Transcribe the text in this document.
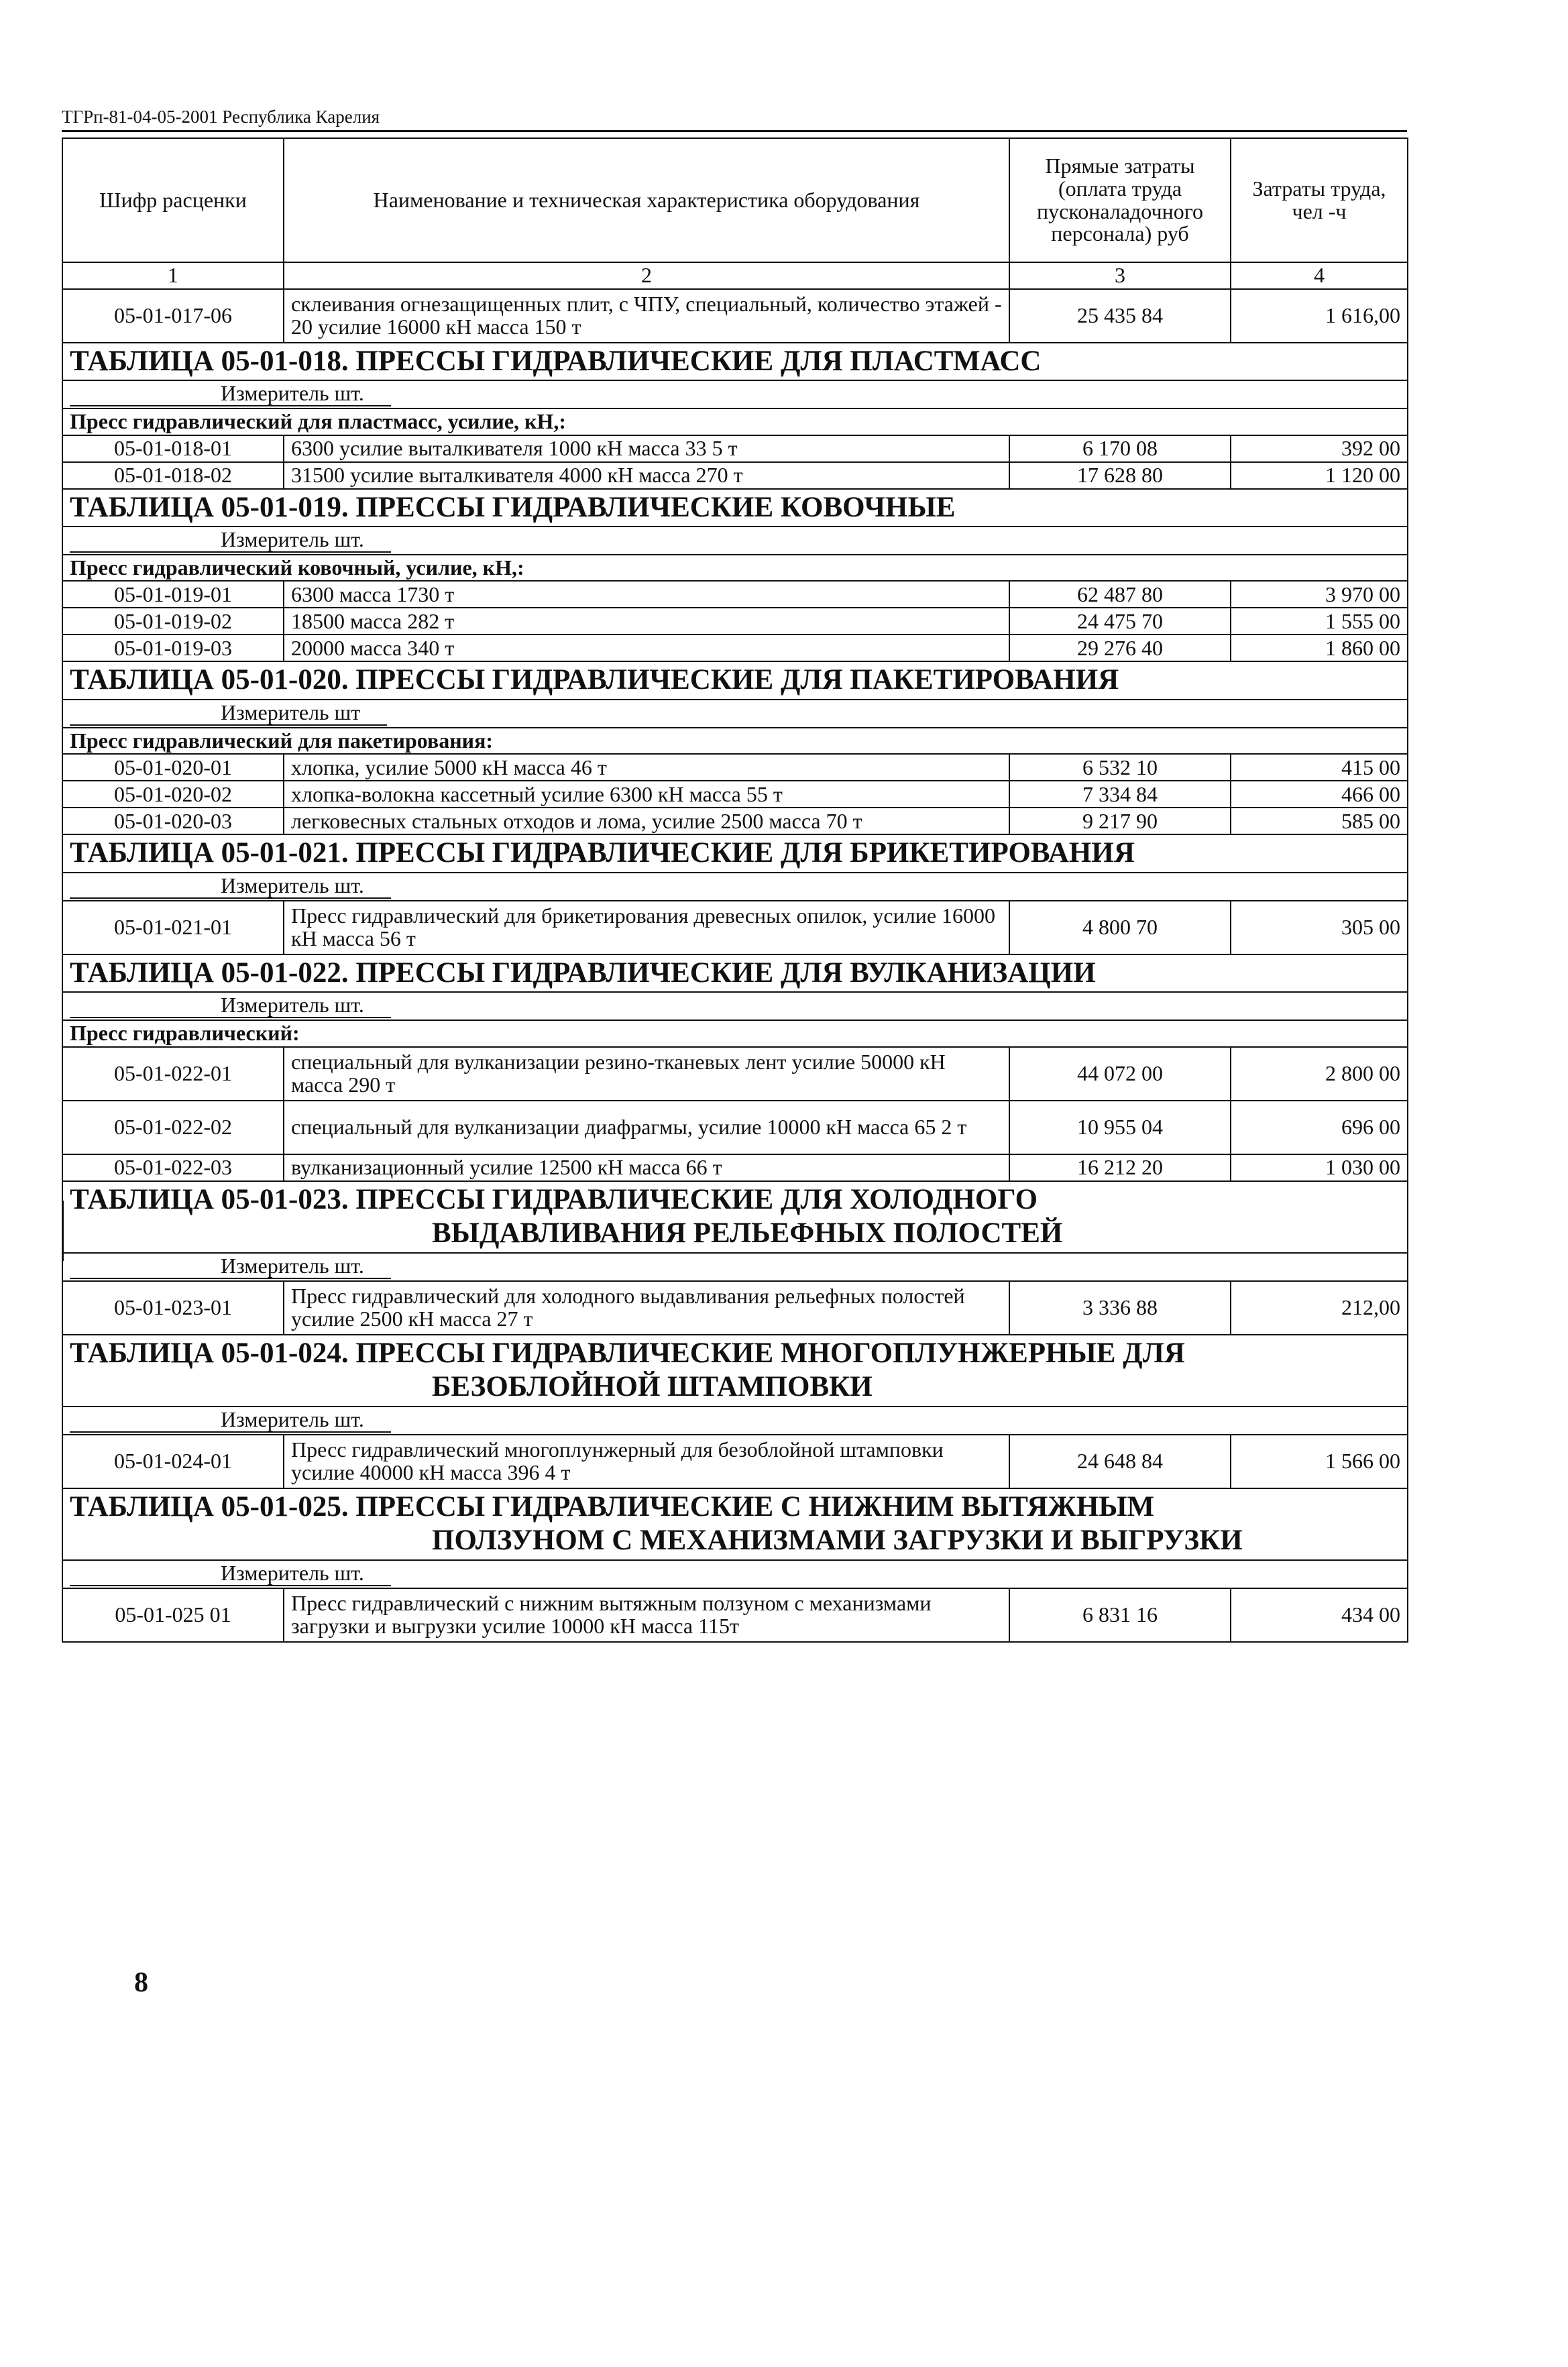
ТГРп-81-04-05-2001 Республика Карелия
Шифр расценки	Наименование и техническая характеристика оборудования	Прямые затраты (оплата труда пусконаладочного персонала) руб	Затраты труда, чел -ч
1	2	3	4
05-01-017-06	склеивания огнезащищенных плит, с ЧПУ, специальный, количество этажей - 20 усилие 16000 кН масса 150 т	25 435 84	1 616,00

ТАБЛИЦА 05-01-018. ПРЕССЫ ГИДРАВЛИЧЕСКИЕ ДЛЯ ПЛАСТМАСС			

Измеритель шт.			
Пресс гидравлический для пластмасс, усилие, кН,:			
05-01-018-01	6300 усилие выталкивателя 1000 кН масса 33 5 т	6 170 08	392 00
05-01-018-02	31500 усилие выталкивателя 4000 кН масса 270 т	17 628 80	1 120 00

ТАБЛИЦА 05-01-019. ПРЕССЫ ГИДРАВЛИЧЕСКИЕ КОВОЧНЫЕ			

Измеритель шт.			
Пресс гидравлический ковочный, усилие, кН,:			
05-01-019-01	6300 масса 1730 т	62 487 80	3 970 00
05-01-019-02	18500 масса 282 т	24 475 70	1 555 00
05-01-019-03	20000 масса 340 т	29 276 40	1 860 00

ТАБЛИЦА 05-01-020. ПРЕССЫ ГИДРАВЛИЧЕСКИЕ ДЛЯ ПАКЕТИРОВАНИЯ			

Измеритель шт			
Пресс гидравлический для пакетирования:			
05-01-020-01	хлопка, усилие 5000 кН масса 46 т	6 532 10	415 00
05-01-020-02	хлопка-волокна кассетный усилие 6300 кН масса 55 т	7 334 84	466 00
05-01-020-03	легковесных стальных отходов и лома, усилие 2500 масса 70 т	9 217 90	585 00

ТАБЛИЦА 05-01-021. ПРЕССЫ ГИДРАВЛИЧЕСКИЕ ДЛЯ БРИКЕТИРОВАНИЯ			

Измеритель шт.			
05-01-021-01	Пресс гидравлический для брикетирования древесных опилок, усилие 16000 кН масса 56 т	4 800 70	305 00

ТАБЛИЦА 05-01-022. ПРЕССЫ ГИДРАВЛИЧЕСКИЕ ДЛЯ ВУЛКАНИЗАЦИИ			

Измеритель шт.			
Пресс гидравлический:			
05-01-022-01	специальный для вулканизации резино-тканевых лент усилие 50000 кН масса 290 т	44 072 00	2 800 00
05-01-022-02	специальный для вулканизации диафрагмы, усилие 10000 кН масса 65 2 т	10 955 04	696 00
05-01-022-03	вулканизационный усилие 12500 кН масса 66 т	16 212 20	1 030 00

ТАБЛИЦА 05-01-023. ПРЕССЫ ГИДРАВЛИЧЕСКИЕ ДЛЯ ХОЛОДНОГО
ВЫДАВЛИВАНИЯ РЕЛЬЕФНЫХ ПОЛОСТЕЙ			

Измеритель шт.			
05-01-023-01	Пресс гидравлический для холодного выдавливания рельефных полостей усилие 2500 кН масса 27 т	3 336 88	212,00

ТАБЛИЦА 05-01-024. ПРЕССЫ ГИДРАВЛИЧЕСКИЕ МНОГОПЛУНЖЕРНЫЕ ДЛЯ
БЕЗОБЛОЙНОЙ ШТАМПОВКИ			

Измеритель шт.			
05-01-024-01	Пресс гидравлический многоплунжерный для безоблойной штамповки усилие 40000 кН масса 396 4 т	24 648 84	1 566 00

ТАБЛИЦА 05-01-025. ПРЕССЫ ГИДРАВЛИЧЕСКИЕ С НИЖНИМ ВЫТЯЖНЫМ
ПОЛЗУНОМ С МЕХАНИЗМАМИ ЗАГРУЗКИ И ВЫГРУЗКИ			

Измеритель шт.			
05-01-025 01	Пресс гидравлический с нижним вытяжным ползуном с механизмами загрузки и выгрузки усилие 10000 кН масса 115т	6 831 16	434 00
8
